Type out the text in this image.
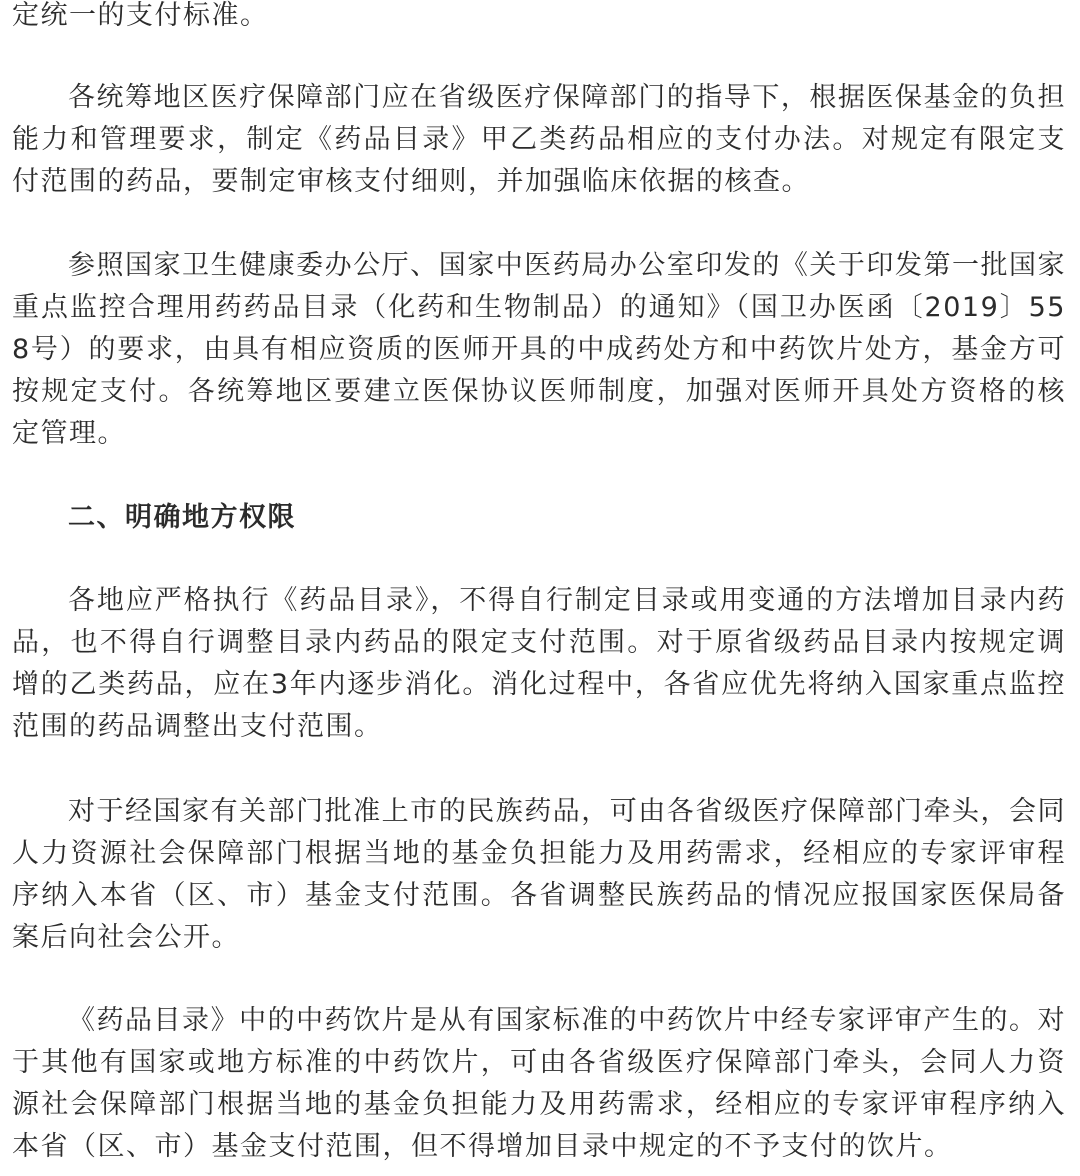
定统一的支付标准。

各统筹地区医疗保障部门应在省级医疗保障部门的指导下，根据医保基金的负担能力和管理要求，制定《药品目录》甲乙类药品相应的支付办法。对规定有限定支付范围的药品，要制定审核支付细则，并加强临床依据的核查。

参照国家卫生健康委办公厅、国家中医药局办公室印发的《关于印发第一批国家重点监控合理用药药品目录（化药和生物制品）的通知》（国卫办医函〔2019〕558号）的要求，由具有相应资质的医师开具的中成药处方和中药饮片处方，基金方可按规定支付。各统筹地区要建立医保协议医师制度，加强对医师开具处方资格的核定管理。

二、明确地方权限

各地应严格执行《药品目录》，不得自行制定目录或用变通的方法增加目录内药品，也不得自行调整目录内药品的限定支付范围。对于原省级药品目录内按规定调增的乙类药品，应在3年内逐步消化。消化过程中，各省应优先将纳入国家重点监控范围的药品调整出支付范围。

对于经国家有关部门批准上市的民族药品，可由各省级医疗保障部门牵头，会同人力资源社会保障部门根据当地的基金负担能力及用药需求，经相应的专家评审程序纳入本省（区、市）基金支付范围。各省调整民族药品的情况应报国家医保局备案后向社会公开。

《药品目录》中的中药饮片是从有国家标准的中药饮片中经专家评审产生的。对于其他有国家或地方标准的中药饮片，可由各省级医疗保障部门牵头，会同人力资源社会保障部门根据当地的基金负担能力及用药需求，经相应的专家评审程序纳入本省（区、市）基金支付范围，但不得增加目录中规定的不予支付的饮片。
